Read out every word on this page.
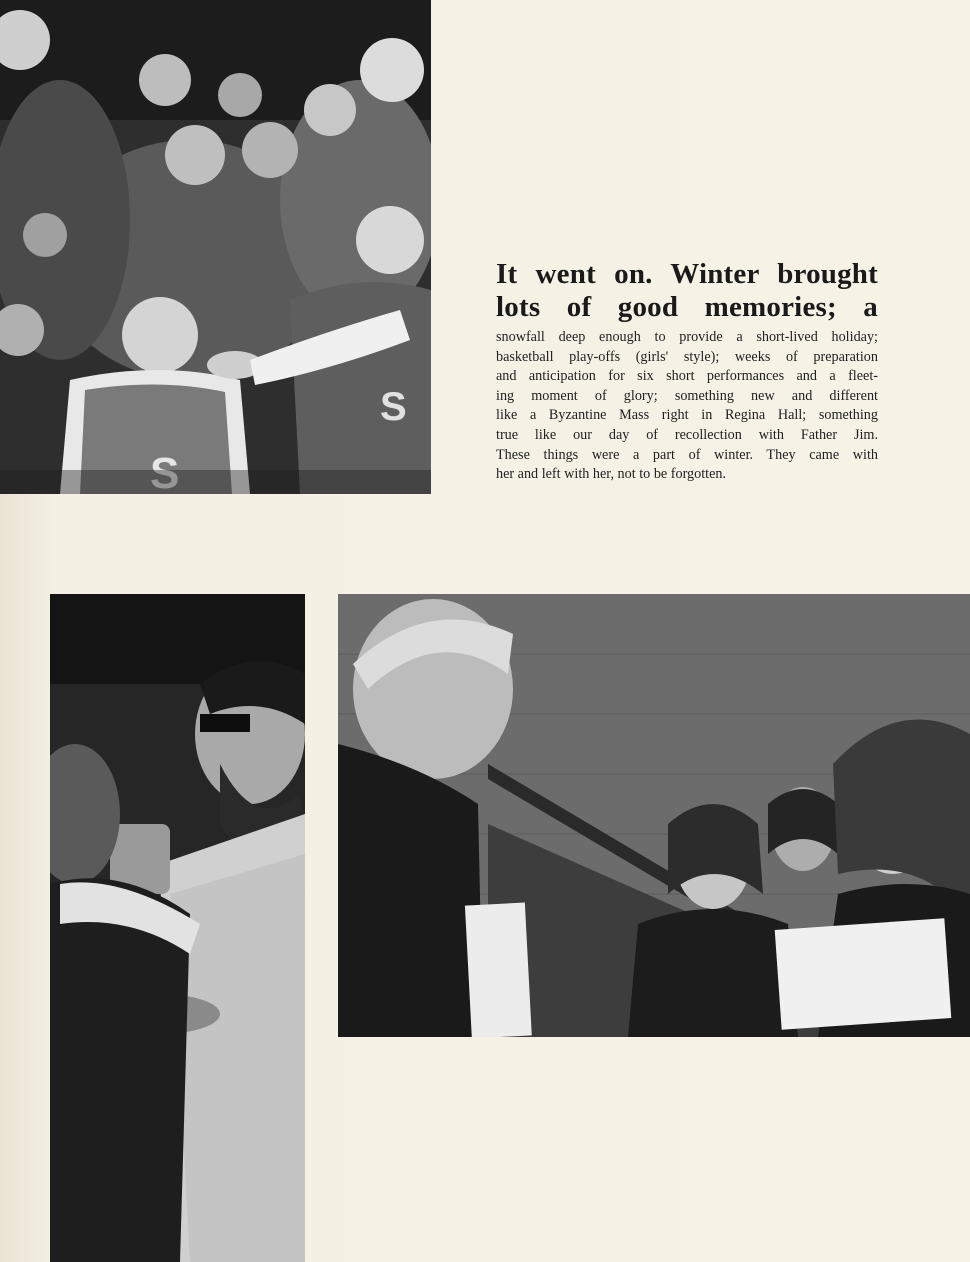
S
S
It went on. Winter brought
lots of good memories; a

snowfall deep enough to provide a short-lived holiday;
basketball play-offs (girls' style); weeks of preparation
and anticipation for six short performances and a fleet-
ing moment of glory; something new and different
like a Byzantine Mass right in Regina Hall; something
true like our day of recollection with Father Jim.
These things were a part of winter. They came with
her and left with her, not to be forgotten.
